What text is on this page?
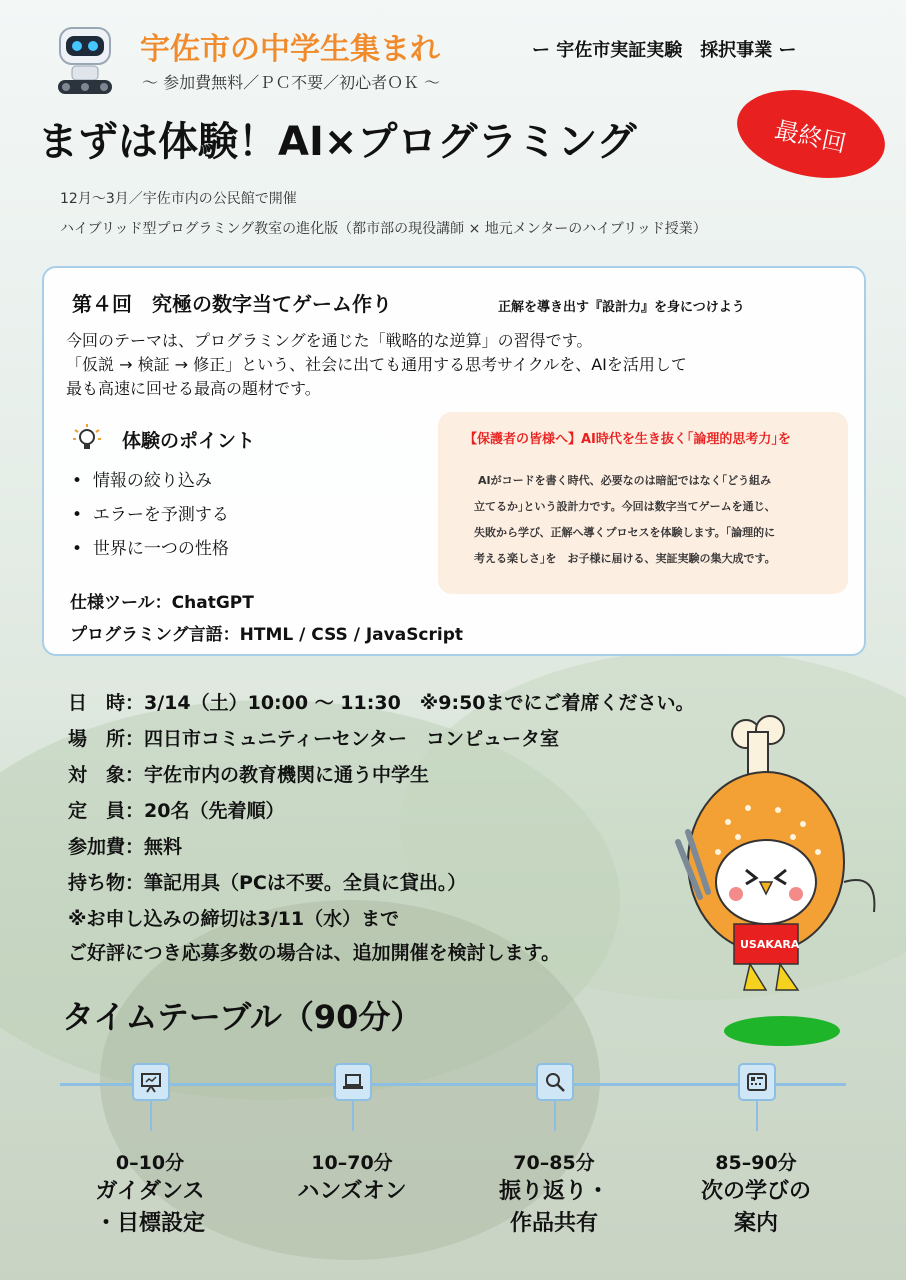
宇佐市の中学生集まれ
～ 参加費無料／ＰＣ不要／初心者ＯＫ ～
ー 宇佐市実証実験　採択事業 ー
まずは体験！AI×プログラミング	最終回
12月～3月／宇佐市内の公民館で開催
ハイブリッド型プログラミング教室の進化版（都市部の現役講師 × 地元メンターのハイブリッド授業）
第４回　究極の数字当てゲーム作り	正解を導き出す『設計力』を身につけよう
今回のテーマは、プログラミングを通じた「戦略的な逆算」の習得です。
「仮説 → 検証 → 修正」という、社会に出ても通用する思考サイクルを、AIを活用して
最も高速に回せる最高の題材です。
体験のポイント
•  情報の絞り込み
•  エラーを予測する
•  世界に一つの性格
仕様ツール：ChatGPT
プログラミング言語：HTML / CSS / JavaScript
【保護者の皆様へ】AI時代を生き抜く｢論理的思考力｣を
AIがコードを書く時代、必要なのは暗記ではなく｢どう組み
立てるか｣という設計力です。今回は数字当てゲームを通じ、
失敗から学び、正解へ導くプロセスを体験します。｢論理的に
考える楽しさ｣を　お子様に届ける、実証実験の集大成です。
日　時：3/14（土）10:00 ～ 11:30　※9:50までにご着席ください。
場　所：四日市コミュニティーセンター　コンピュータ室
対　象：宇佐市内の教育機関に通う中学生
定　員：20名（先着順）
参加費：無料
持ち物：筆記用具（PCは不要。全員に貸出。）
※お申し込みの締切は3/11（水）まで
ご好評につき応募多数の場合は、追加開催を検討します。	USAKARA
タイムテーブル（90分）
0–10分
ガイダンス
・目標設定
10–70分
ハンズオン
70–85分
振り返り・
作品共有
85–90分
次の学びの
案内
